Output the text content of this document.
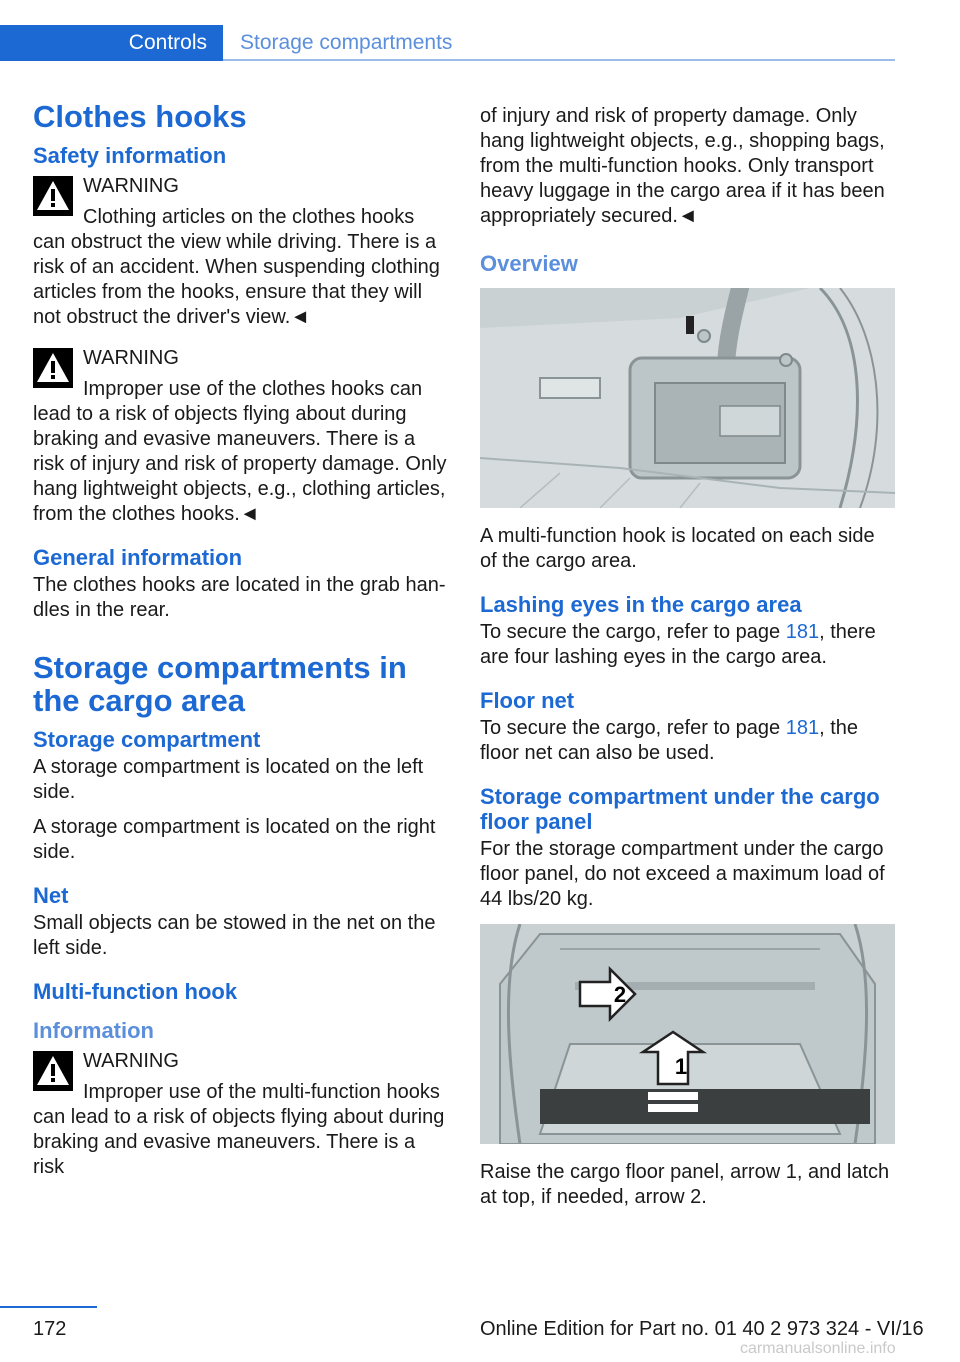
Controls	Storage compartments
Clothes hooks
Safety information
WARNING
Clothing articles on the clothes hooks can obstruct the view while driving. There is a risk of an accident. When suspending clothing articles from the hooks, ensure that they will not obstruct the driver's view.◄
WARNING
Improper use of the clothes hooks can lead to a risk of objects flying about during braking and evasive maneuvers. There is a risk of injury and risk of property damage. Only hang lightweight objects, e.g., clothing articles, from the clothes hooks.◄
General information

The clothes hooks are located in the grab han‐dles in the rear.

Storage compartments in the cargo area
Storage compartment

A storage compartment is located on the left side.

A storage compartment is located on the right side.

Net

Small objects can be stowed in the net on the left side.

Multi-function hook
Information
WARNING
Improper use of the multi-function hooks can lead to a risk of objects flying about during braking and evasive maneuvers. There is a risk

of injury and risk of property damage. Only hang lightweight objects, e.g., shopping bags, from the multi-function hooks. Only transport heavy luggage in the cargo area if it has been appropriately secured.◄

Overview

A multi-function hook is located on each side of the cargo area.

Lashing eyes in the cargo area

To secure the cargo, refer to page 181, there are four lashing eyes in the cargo area.

Floor net

To secure the cargo, refer to page 181, the floor net can also be used.

Storage compartment under the cargo floor panel

For the storage compartment under the cargo floor panel, do not exceed a maximum load of 44 lbs/20 kg.

1
2

Raise the cargo floor panel, arrow 1, and latch at top, if needed, arrow 2.

172	Online Edition for Part no. 01 40 2 973 324 - VI/16
carmanualsonline.info
